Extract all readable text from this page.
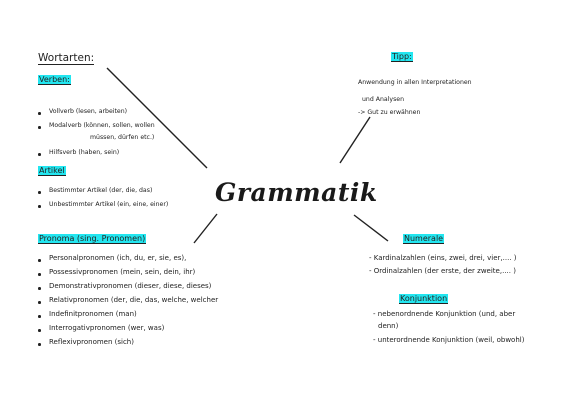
Grammatik
Wortarten:
Verben:
Vollverb (lesen, arbeiten)
Modalverb (können, sollen, wollen
müssen, dürfen etc.)
Hilfsverb (haben, sein)
Artikel
Bestimmter Artikel (der, die, das)
Unbestimmter Artikel (ein, eine, einer)
Pronoma (sing. Pronomen)
Personalpronomen (ich, du, er, sie, es),
Possessivpronomen (mein, sein, dein, ihr)
Demonstrativpronomen (dieser, diese, dieses)
Relativpronomen (der, die, das, welche, welcher
Indefinitpronomen (man)
Interrogativpronomen (wer, was)
Reflexivpronomen (sich)
Tipp:
Anwendung in allen Interpretationen
und Analysen
-> Gut zu erwähnen
Numerale
- Kardinalzahlen (eins, zwei, drei, vier,.... )
- Ordinalzahlen (der erste, der zweite,.... )
Konjunktion
- nebenordnende Konjunktion (und, aber
denn)
- unterordnende Konjunktion (weil, obwohl)
